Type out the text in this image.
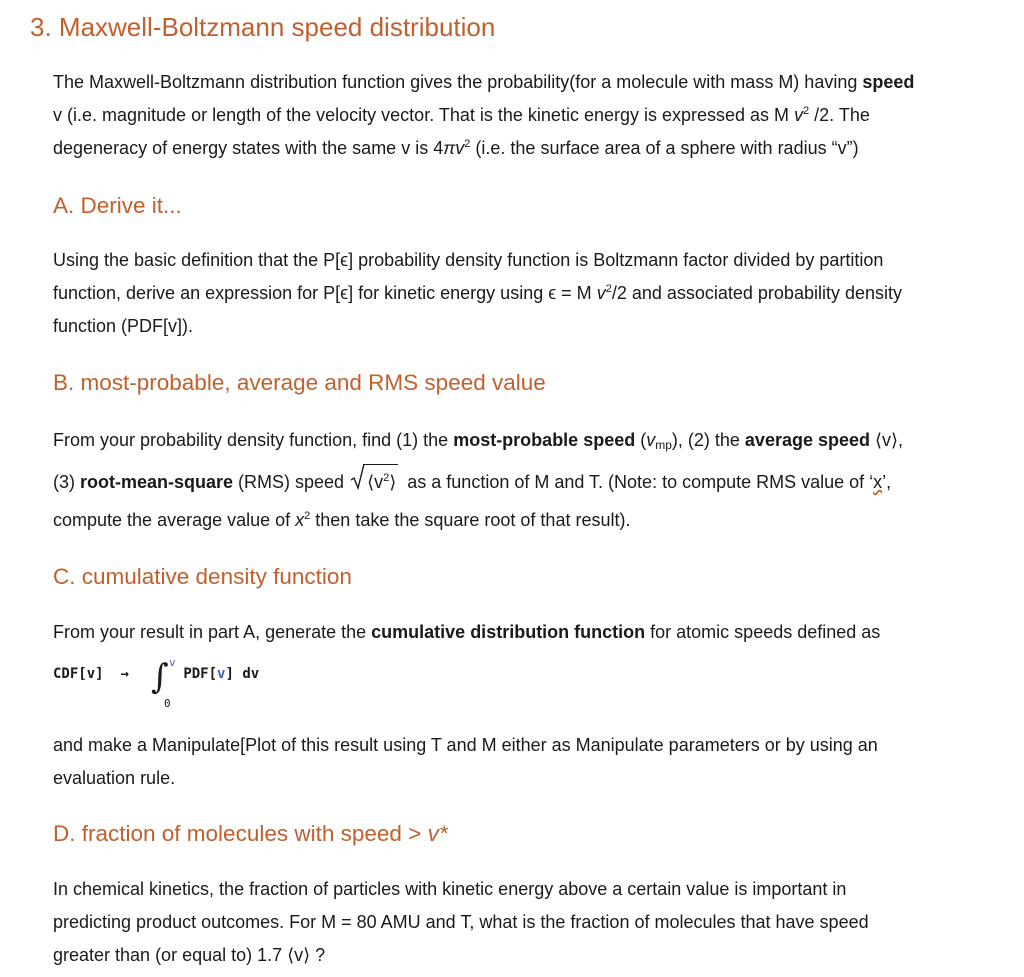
3. Maxwell-Boltzmann speed distribution
The Maxwell-Boltzmann distribution function gives the probability(for a molecule with mass M) having speed
v (i.e. magnitude or length of the velocity vector. That is the kinetic energy is expressed as M $v^2$ /2. The
degeneracy of energy states with the same v is $4\pi v^2$ (i.e. the surface area of a sphere with radius “v”)
A. Derive it...
Using the basic definition that the P[ϵ] probability density function is Boltzmann factor divided by partition
function, derive an expression for P[ϵ] for kinetic energy using ϵ = M $v^2/2$ and associated probability density
function (PDF[v]).
B. most-probable, average and RMS speed value
From your probability density function, find (1) the most-probable speed $(v_{mp})$, (2) the average speed ⟨v⟩,
(3) root-mean-square (RMS) speed
$⟨v^2⟩$ as a function of M and T. (Note: to compute RMS value of ‘x’,
compute the average value of $x^2$ then take the square root of that result).
C. cumulative density function
From your result in part A, generate the cumulative distribution function for atomic speeds defined as
CDF[v] →	PDF[v] dv
∫ v
0
and make a Manipulate[Plot of this result using T and M either as Manipulate parameters or by using an
evaluation rule.
D. fraction of molecules with speed > v*
In chemical kinetics, the fraction of particles with kinetic energy above a certain value is important in
predicting product outcomes. For M = 80 AMU and T, what is the fraction of molecules that have speed
greater than (or equal to) 1.7 ⟨v⟩ ?
